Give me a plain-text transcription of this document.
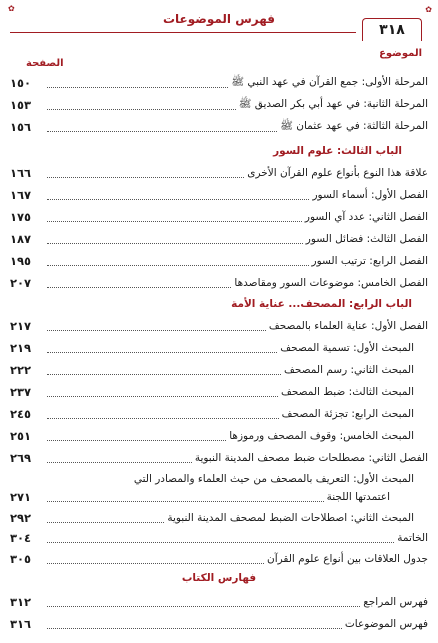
✿
فهرس الموضوعات
٣١٨
✿
الموضوع
الصفحة
المرحلة الأولى: جمع القرآن في عهد النبي ﷺ
١٥٠
المرحلة الثانية: في عهد أبي بكر الصديق ﷺ
١٥٣
المرحلة الثالثة: في عهد عثمان ﷺ
١٥٦
الباب الثالث: علوم السور
علاقة هذا النوع بأنواع علوم القرآن الأخرى
١٦٦
الفصل الأول: أسماء السور
١٦٧
الفصل الثاني: عدد آي السور
١٧٥
الفصل الثالث: فضائل السور
١٨٧
الفصل الرابع: ترتيب السور
١٩٥
الفصل الخامس: موضوعات السور ومقاصدها
٢٠٧
الباب الرابع: المصحف... عناية الأمة
الفصل الأول: عناية العلماء بالمصحف
٢١٧
المبحث الأول: تسمية المصحف
٢١٩
المبحث الثاني: رسم المصحف
٢٢٢
المبحث الثالث: ضبط المصحف
٢٣٧
المبحث الرابع: تجزئة المصحف
٢٤٥
المبحث الخامس: وقوف المصحف ورموزها
٢٥١
الفصل الثاني: مصطلحات ضبط مصحف المدينة النبوية
٢٦٩
المبحث الأول: التعريف بالمصحف من حيث العلماء والمصادر التي
اعتمدتها اللجنة
٢٧١
المبحث الثاني: اصطلاحات الضبط لمصحف المدينة النبوية
٢٩٢
الخاتمة
٣٠٤
جدول العلاقات بين أنواع علوم القرآن
٣٠٥
فهارس الكتاب
فهرس المراجع
٣١٢
فهرس الموضوعات
٣١٦
